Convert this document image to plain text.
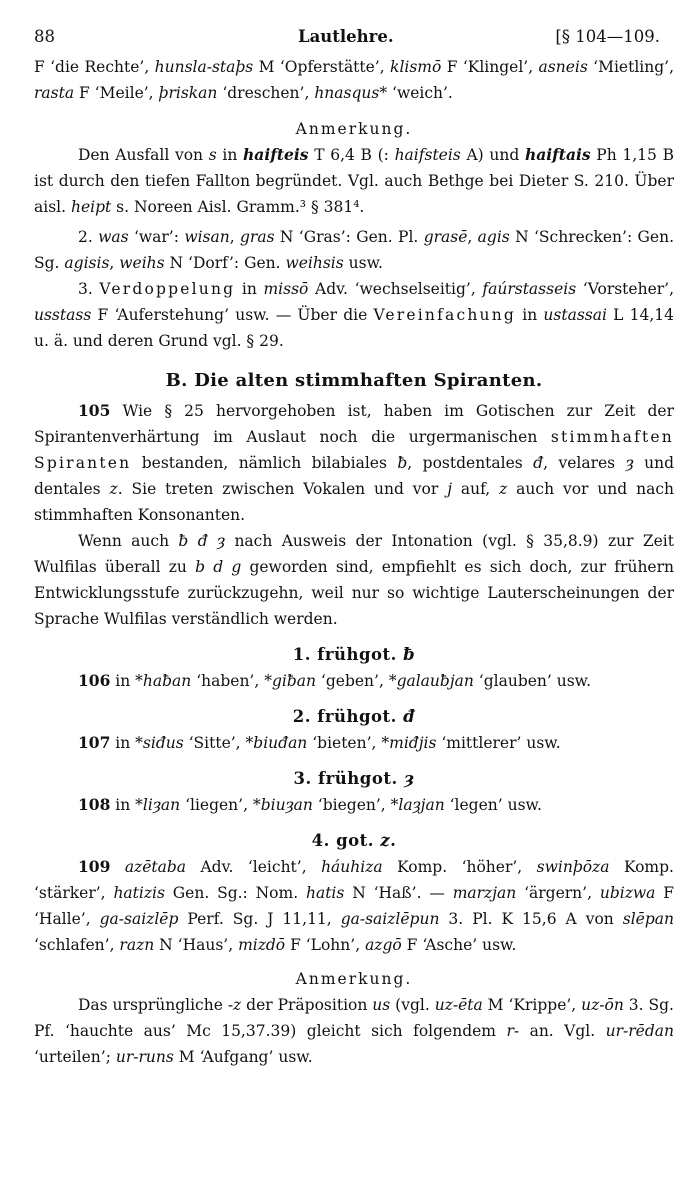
88	Lautlehre.	[§ 104—109.

F ‘die Rechte’, hunsla-staþs M ‘Opferstätte’, klismō F ‘Klingel’, asneis ‘Mietling’, rasta F ‘Meile’, þriskan ‘dreschen’, hnasqus* ‘weich’.

Anmerkung.

Den Ausfall von s in haifteis T 6,4 B (: haifsteis A) und haiftais Ph 1,15 B ist durch den tiefen Fallton begründet. Vgl. auch Bethge bei Dieter S. 210. Über aisl. heipt s. Noreen Aisl. Gramm.³ § 381⁴.

2. was ‘war’: wisan, gras N ‘Gras’: Gen. Pl. grasē, agis N ‘Schrecken’: Gen. Sg. agisis, weihs N ‘Dorf’: Gen. weihsis usw.

3. Verdoppelung in missō Adv. ‘wechselseitig’, faúrstasseis ‘Vorsteher’, usstass F ‘Auferstehung’ usw. — Über die Vereinfachung in ustassai L 14,14 u. ä. und deren Grund vgl. § 29.

B. Die alten stimmhaften Spiranten.

105 Wie § 25 hervorgehoben ist, haben im Gotischen zur Zeit der Spirantenverhärtung im Auslaut noch die urgermanischen stimmhaften Spiranten bestanden, nämlich bilabiales ƀ, postdentales đ, velares ȝ und dentales z. Sie treten zwischen Vokalen und vor j auf, z auch vor und nach stimmhaften Konsonanten.

Wenn auch ƀ đ ȝ nach Ausweis der Intonation (vgl. § 35,8.9) zur Zeit Wulfilas überall zu b d g geworden sind, empfiehlt es sich doch, zur frühern Entwicklungsstufe zurückzugehn, weil nur so wichtige Lauterscheinungen der Sprache Wulfilas verständlich werden.

1. frühgot. ƀ

106 in *haƀan ‘haben’, *giƀan ‘geben’, *galauƀjan ‘glauben’ usw.

2. frühgot. đ

107 in *siđus ‘Sitte’, *biuđan ‘bieten’, *miđjis ‘mittlerer’ usw.

3. frühgot. ȝ

108 in *liȝan ‘liegen’, *biuȝan ‘biegen’, *laȝjan ‘legen’ usw.

4. got. z.

109 azētaba Adv. ‘leicht’, háuhiza Komp. ‘höher’, swinþōza Komp. ‘stärker’, hatizis Gen. Sg.: Nom. hatis N ‘Haß’. — marzjan ‘ärgern’, ubizwa F ‘Halle’, ga-saizlēp Perf. Sg. J 11,11, ga-saizlēpun 3. Pl. K 15,6 A von slēpan ‘schlafen’, razn N ‘Haus’, mizdō F ‘Lohn’, azgō F ‘Asche’ usw.

Anmerkung.

Das ursprüngliche -z der Präposition us (vgl. uz-ēta M ‘Krippe’, uz-ōn 3. Sg. Pf. ‘hauchte aus’ Mc 15,37.39) gleicht sich folgendem r- an. Vgl. ur-rēdan ‘urteilen’; ur-runs M ‘Aufgang’ usw.
